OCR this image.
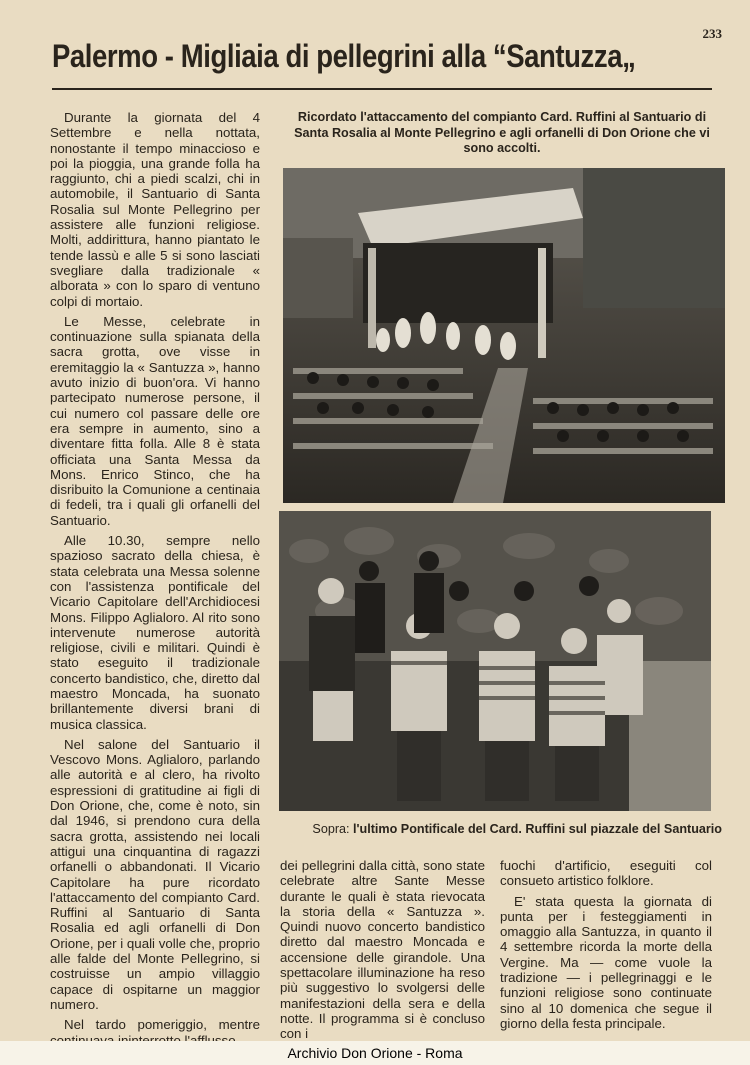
233
Palermo - Migliaia di pellegrini alla “Santuzza„

Durante la giornata del 4 Settembre e nella nottata, nonostante il tempo minaccioso e poi la pioggia, una grande folla ha raggiunto, chi a piedi scalzi, chi in automobile, il Santuario di Santa Rosalia sul Monte Pellegrino per assistere alle funzioni religiose. Molti, addirittura, hanno piantato le tende lassù e alle 5 si sono lasciati svegliare dalla tradizionale « alborata » con lo sparo di ventuno colpi di mortaio.

Le Messe, celebrate in continuazione sulla spianata della sacra grotta, ove visse in eremitaggio la « Santuzza », hanno avuto inizio di buon'ora. Vi hanno partecipato numerose persone, il cui numero col passare delle ore era sempre in aumento, sino a diventare fitta folla. Alle 8 è stata officiata una Santa Messa da Mons. Enrico Stinco, che ha disribuito la Comunione a centinaia di fedeli, tra i quali gli orfanelli del Santuario.

Alle 10.30, sempre nello spazioso sacrato della chiesa, è stata celebrata una Messa solenne con l'assistenza pontificale del Vicario Capitolare dell'Archidiocesi Mons. Filippo Aglialoro. Al rito sono intervenute numerose autorità religiose, civili e militari. Quindi è stato eseguito il tradizionale concerto bandistico, che, diretto dal maestro Moncada, ha suonato brillantemente diversi brani di musica classica.

Nel salone del Santuario il Vescovo Mons. Aglialoro, parlando alle autorità e al clero, ha rivolto espressioni di gratitudine ai figli di Don Orione, che, come è noto, sin dal 1946, si prendono cura della sacra grotta, assistendo nei locali attigui una cinquantina di ragazzi orfanelli o abbandonati. Il Vicario Capitolare ha pure ricordato l'attaccamento del compianto Card. Ruffini al Santuario di Santa Rosalia ed agli orfanelli di Don Orione, per i quali volle che, proprio alle falde del Monte Pellegrino, si costruisse un ampio villaggio capace di ospitarne un maggior numero.

Nel tardo pomeriggio, mentre

Ricordato l'attaccamento del compianto Card. Ruffini al Santuario di Santa Rosalia al Monte Pellegrino e agli orfanelli di Don Orione che vi sono accolti.

Sopra: l'ultimo Pontificale del Card. Ruffini sul piazzale del Santuario

dei pellegrini dalla città, sono state celebrate altre Sante Messe durante le quali è stata rievocata la storia della « Santuzza ». Quindi nuovo concerto bandistico diretto dal maestro Moncada e accensione delle girandole. Una spettacolare illuminazione ha reso più suggestivo lo svolgersi delle manifestazioni della sera e della notte. Il programma si è concluso con i

fuochi d'artificio, eseguiti col consueto artistico folklore.

E' stata questa la giornata di punta per i festeggiamenti in omaggio alla Santuzza, in quanto il 4 settembre ricorda la morte della Vergine. Ma — come vuole la tradizione — i pellegrinaggi e le funzioni religiose sono continuate sino al 10 domenica che segue il giorno della festa principale.

Archivio Don Orione - Roma
